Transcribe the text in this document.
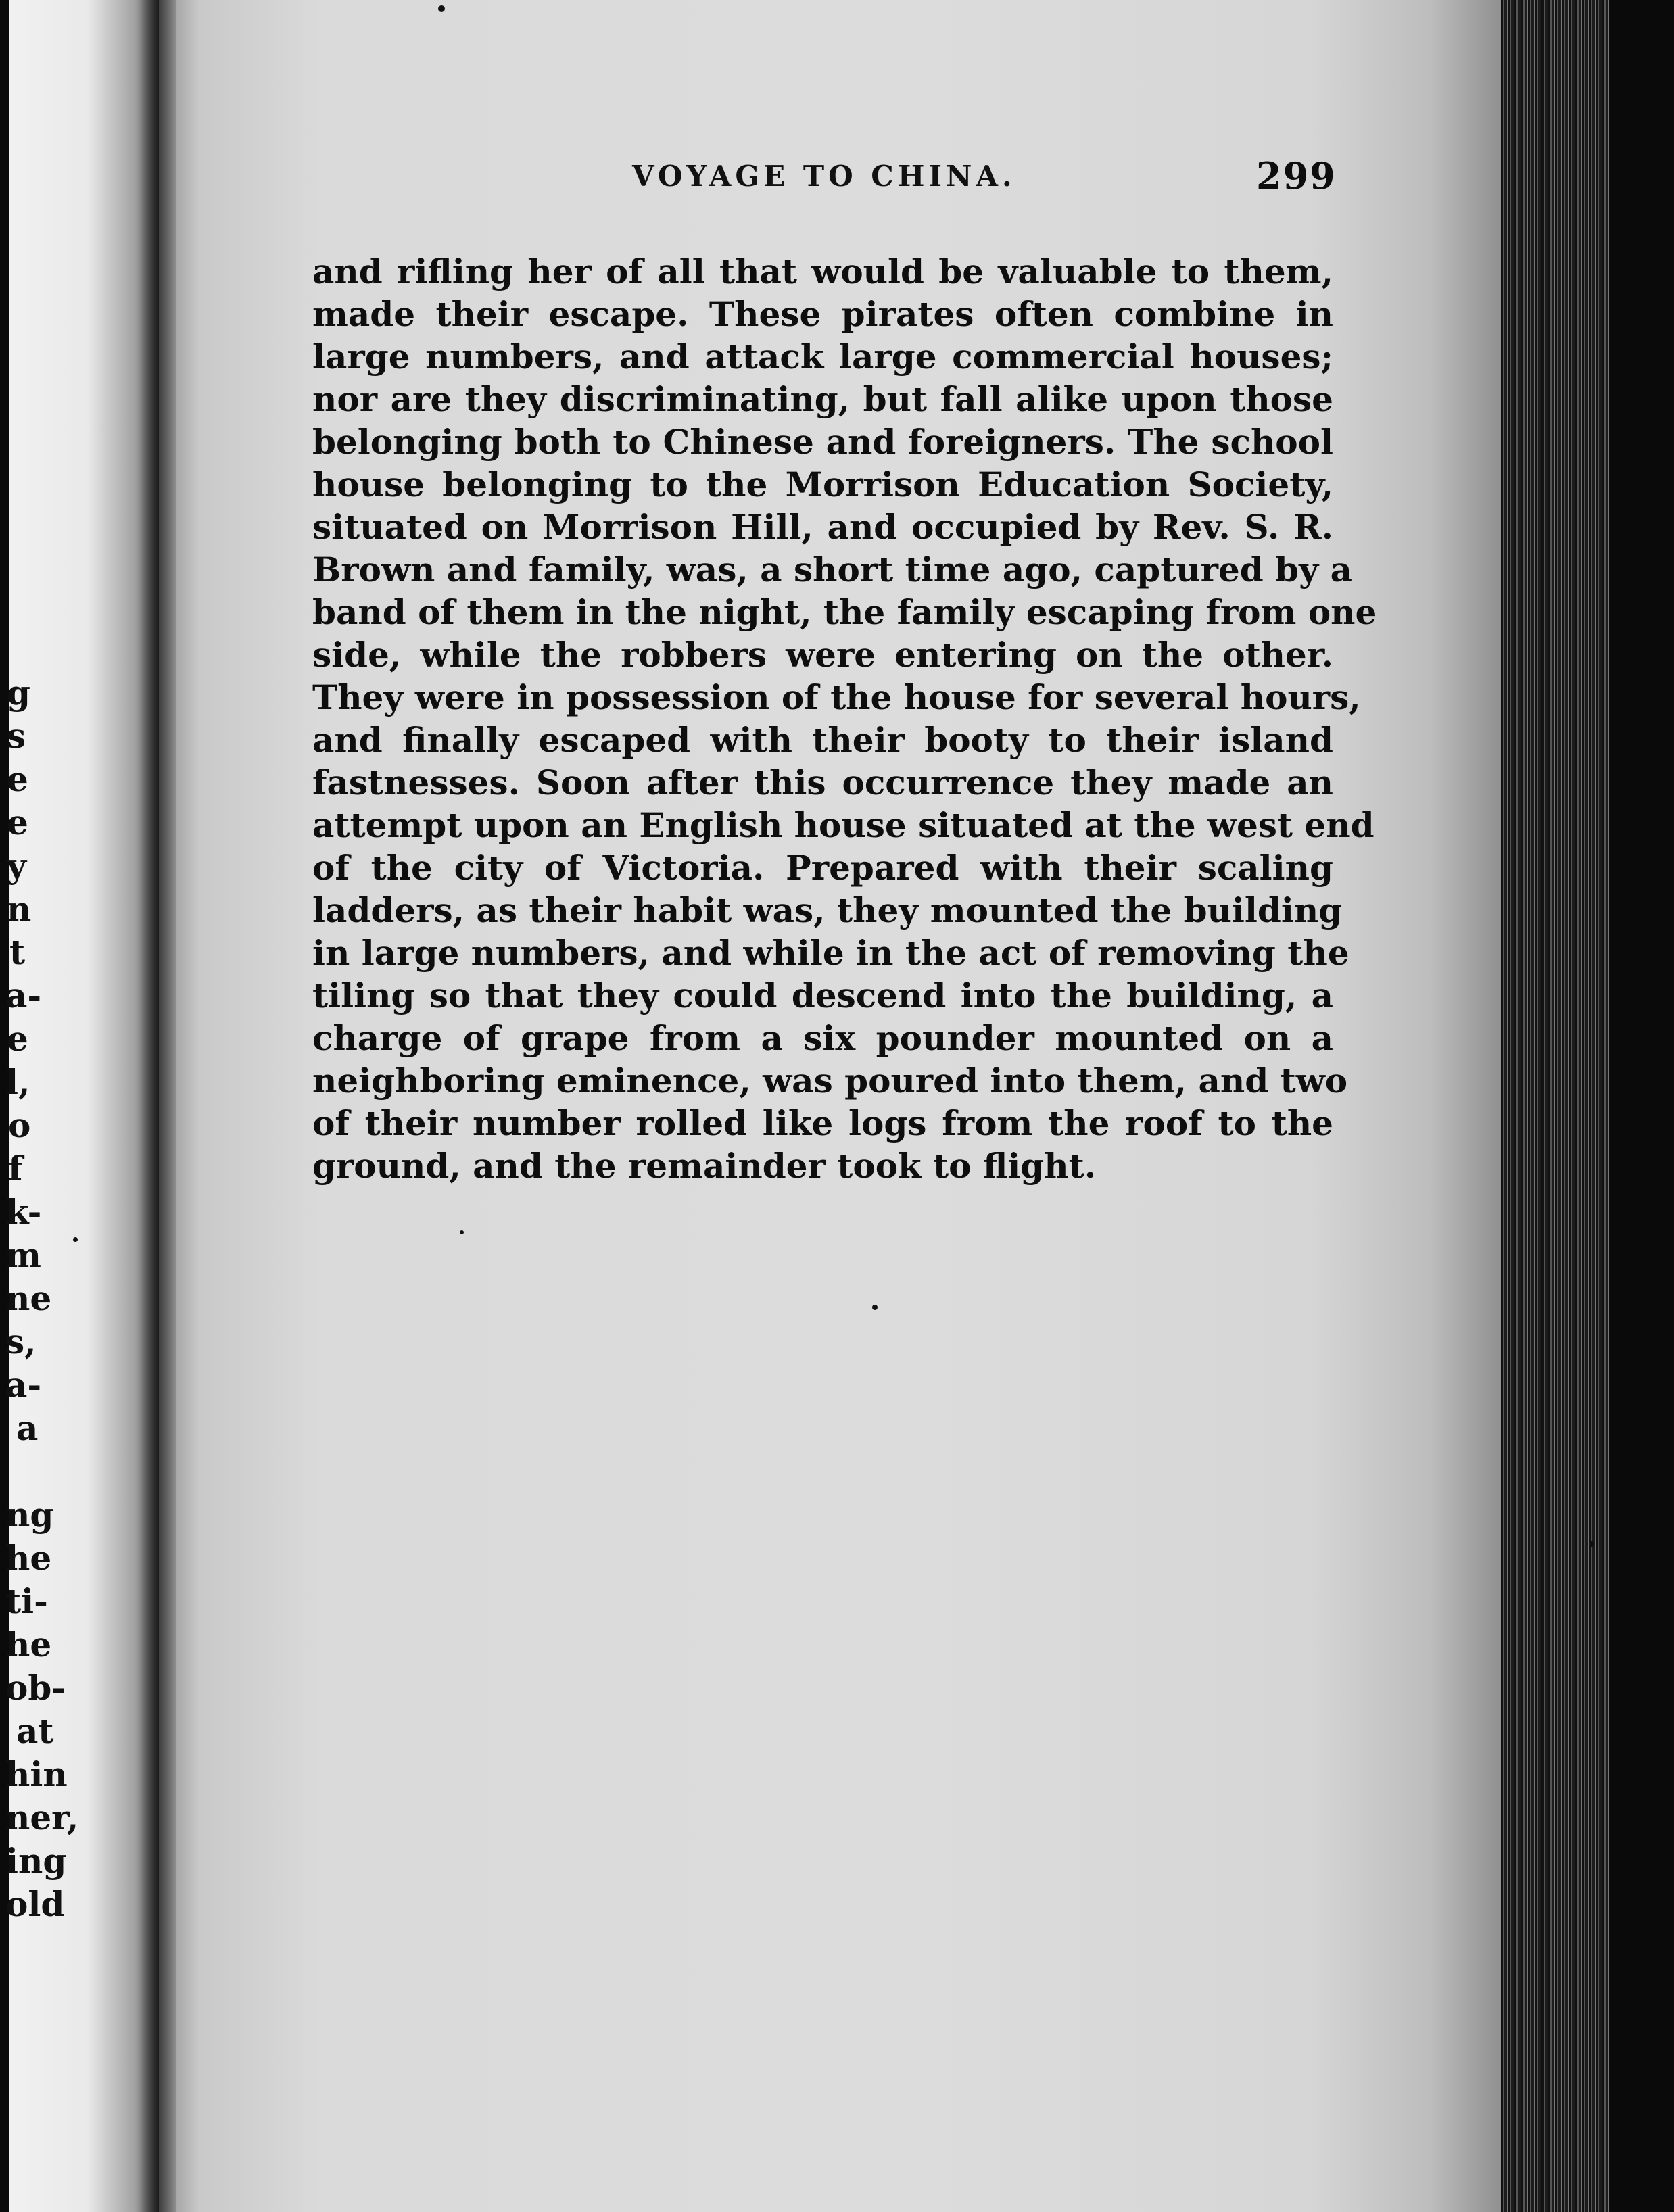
g
s
e
e
y
n
t
a-
e
l,
o
f
k-
m
ne
s,
a-
a
ng
he
ti-
he
ob-
at
hin
ner,
ing
old
VOYAGE TO CHINA.	299
and rifling her of all that would be valuable to them,
made their escape. These pirates often combine in
large numbers, and attack large commercial houses;
nor are they discriminating, but fall alike upon those
belonging both to Chinese and foreigners. The school
house belonging to the Morrison Education Society,
situated on Morrison Hill, and occupied by Rev. S. R.
Brown and family, was, a short time ago, captured by a
band of them in the night, the family escaping from one
side, while the robbers were entering on the other.
They were in possession of the house for several hours,
and finally escaped with their booty to their island
fastnesses. Soon after this occurrence they made an
attempt upon an English house situated at the west end
of the city of Victoria. Prepared with their scaling
ladders, as their habit was, they mounted the building
in large numbers, and while in the act of removing the
tiling so that they could descend into the building, a
charge of grape from a six pounder mounted on a
neighboring eminence, was poured into them, and two
of their number rolled like logs from the roof to the
ground, and the remainder took to flight.
